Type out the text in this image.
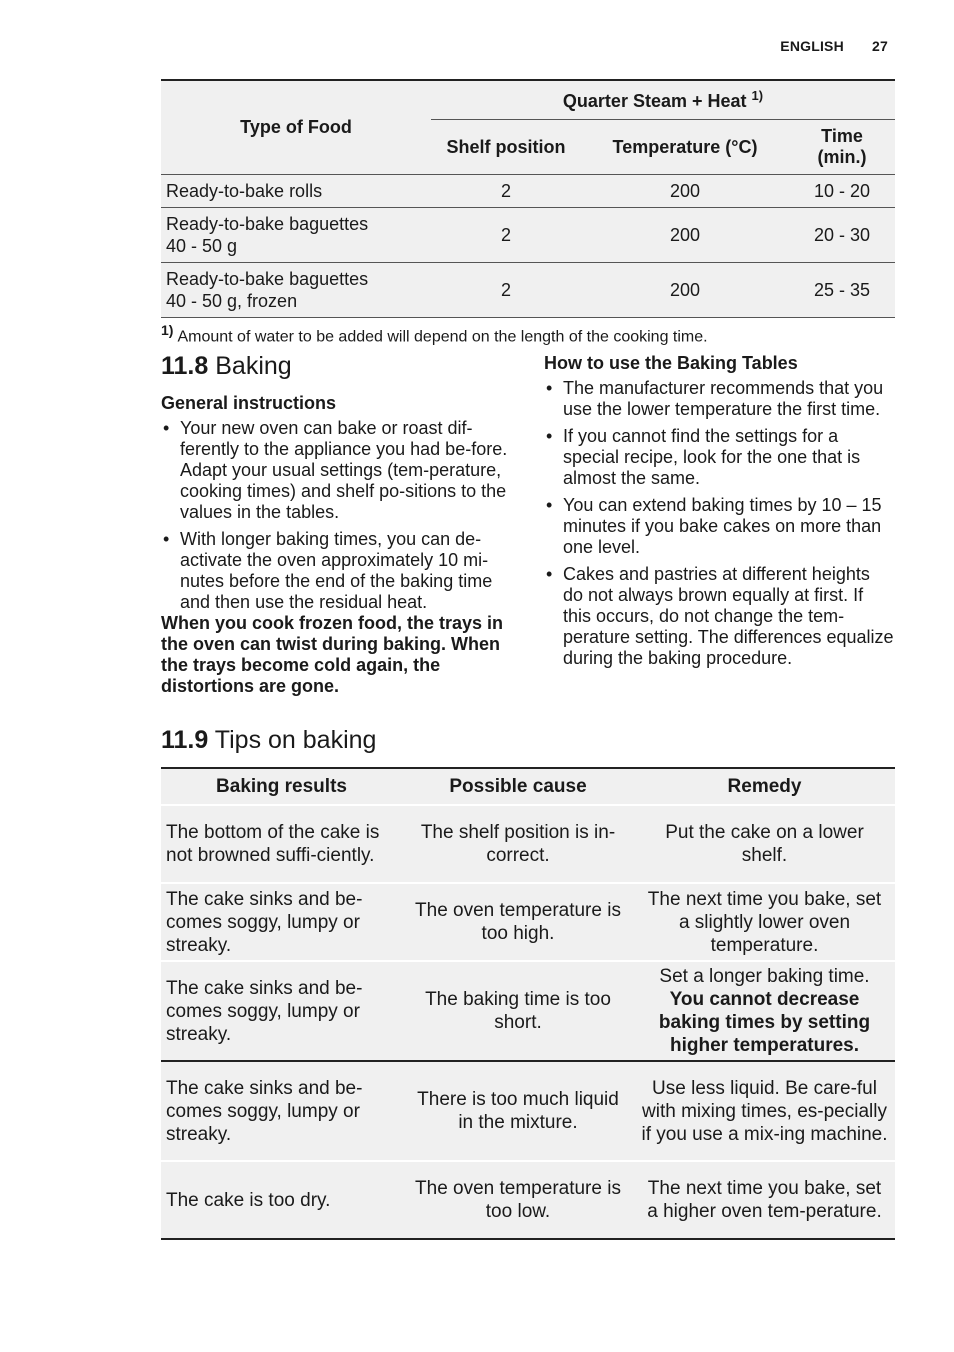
ENGLISH 27
Type of Food	Quarter Steam + Heat $^{1)}$
	Shelf position	Temperature (°C)	Time
(min.)
Ready-to-bake rolls	2	200	10 - 20
Ready-to-bake baguettes
40 - 50 g	2	200	20 - 30
Ready-to-bake baguettes
40 - 50 g, frozen	2	200	25 - 35
1) Amount of water to be added will depend on the length of the cooking time.
11.8 Baking
General instructions
• Your new oven can bake or roast dif-ferently to the appliance you had be-fore. Adapt your usual settings (tem-perature, cooking times) and shelf po-sitions to the values in the tables.
• With longer baking times, you can de-activate the oven approximately 10 mi-nutes before the end of the baking time and then use the residual heat.
When you cook frozen food, the trays in the oven can twist during baking. When the trays become cold again, the distortions are gone.
How to use the Baking Tables
• The manufacturer recommends that you use the lower temperature the first time.
• If you cannot find the settings for a special recipe, look for the one that is almost the same.
• You can extend baking times by 10 – 15 minutes if you bake cakes on more than one level.
• Cakes and pastries at different heights do not always brown equally at first. If this occurs, do not change the tem-perature setting. The differences equalize during the baking procedure.
11.9 Tips on baking
Baking results	Possible cause	Remedy
The bottom of the cake is not browned suffi-ciently.	The shelf position is in-correct.	Put the cake on a lower shelf.
The cake sinks and be-comes soggy, lumpy or streaky.	The oven temperature is too high.	The next time you bake, set a slightly lower oven temperature.
The cake sinks and be-comes soggy, lumpy or streaky.	The baking time is too short.	Set a longer baking time.
You cannot decrease baking times by setting higher temperatures.
The cake sinks and be-comes soggy, lumpy or streaky.	There is too much liquid in the mixture.	Use less liquid. Be care-ful with mixing times, es-pecially if you use a mix-ing machine.
The cake is too dry.	The oven temperature is too low.	The next time you bake, set a higher oven tem-perature.
